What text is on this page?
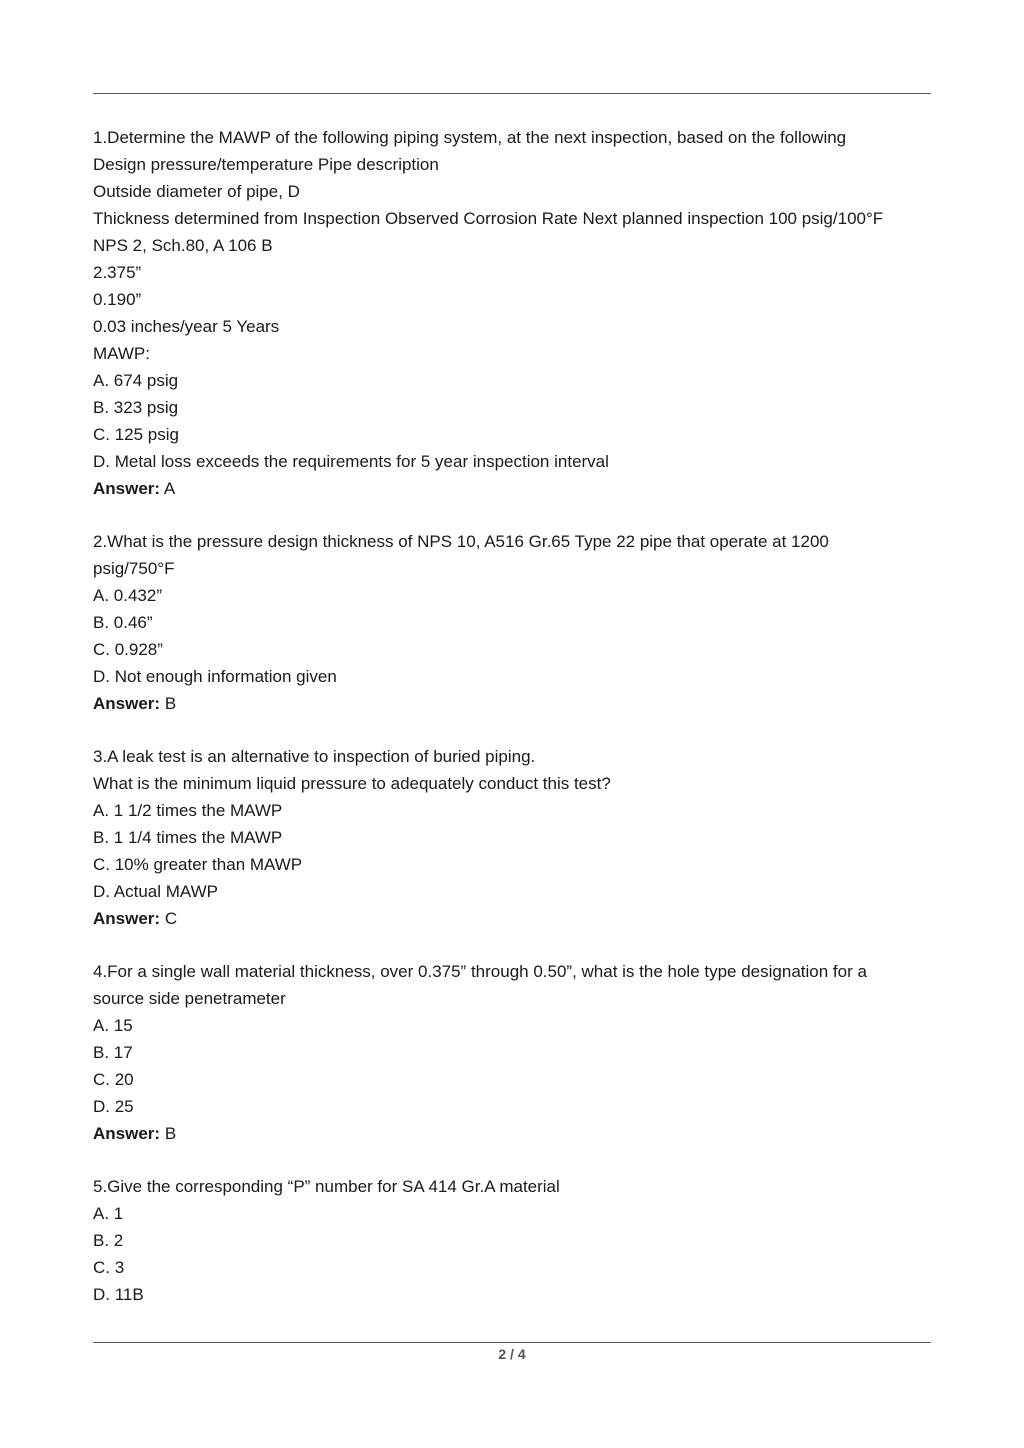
1.Determine the MAWP of the following piping system, at the next inspection, based on the following
Design pressure/temperature Pipe description
Outside diameter of pipe, D
Thickness determined from Inspection Observed Corrosion Rate Next planned inspection 100 psig/100°F
NPS 2, Sch.80, A 106 B
2.375”
0.190”
0.03 inches/year 5 Years
MAWP:
A. 674 psig
B. 323 psig
C. 125 psig
D. Metal loss exceeds the requirements for 5 year inspection interval
Answer: A
2.What is the pressure design thickness of NPS 10, A516 Gr.65 Type 22 pipe that operate at 1200
psig/750°F
A. 0.432”
B. 0.46”
C. 0.928”
D. Not enough information given
Answer: B
3.A leak test is an alternative to inspection of buried piping.
What is the minimum liquid pressure to adequately conduct this test?
A. 1 1/2 times the MAWP
B. 1 1/4 times the MAWP
C. 10% greater than MAWP
D. Actual MAWP
Answer: C
4.For a single wall material thickness, over 0.375” through 0.50”, what is the hole type designation for a
source side penetrameter
A. 15
B. 17
C. 20
D. 25
Answer: B
5.Give the corresponding “P” number for SA 414 Gr.A material
A. 1
B. 2
C. 3
D. 11B
2 / 4
